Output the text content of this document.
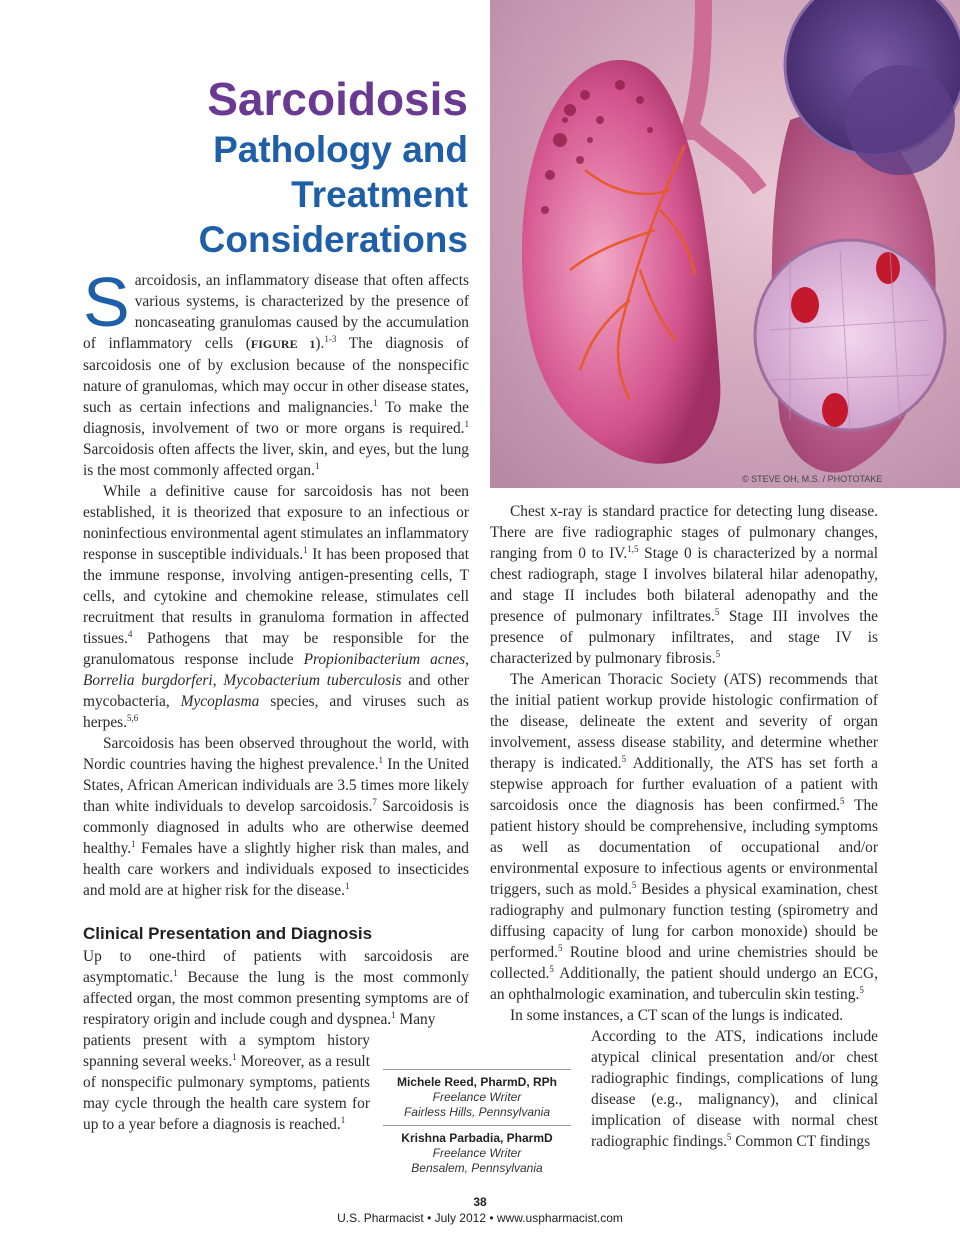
Sarcoidosis
Pathology and
Treatment
Considerations
© STEVE OH, M.S. / PHOTOTAKE

Sarcoidosis, an inflammatory disease that often affects various systems, is characterized by the presence of noncaseating granulomas caused by the accumulation of inflammatory cells (FIGURE 1).$^{1-3}$ The diagnosis of sarcoidosis one of by exclusion because of the nonspecific nature of granulomas, which may occur in other disease states, such as certain infections and malignancies.$^1$ To make the diagnosis, involvement of two or more organs is required.$^1$ Sarcoidosis often affects the liver, skin, and eyes, but the lung is the most commonly affected organ.$^1$

While a definitive cause for sarcoidosis has not been established, it is theorized that exposure to an infectious or noninfectious environmental agent stimulates an inflammatory response in susceptible individuals.$^1$ It has been proposed that the immune response, involving antigen-presenting cells, T cells, and cytokine and chemokine release, stimulates cell recruitment that results in granuloma formation in affected tissues.$^4$ Pathogens that may be responsible for the granulomatous response include Propionibacterium acnes, Borrelia burgdorferi, Mycobacterium tuberculosis and other mycobacteria, Mycoplasma species, and viruses such as herpes.$^{5,6}$

Sarcoidosis has been observed throughout the world, with Nordic countries having the highest prevalence.$^1$ In the United States, African American individuals are 3.5 times more likely than white individuals to develop sarcoidosis.$^7$ Sarcoidosis is commonly diagnosed in adults who are otherwise deemed healthy.$^1$ Females have a slightly higher risk than males, and health care workers and individuals exposed to insecticides and mold are at higher risk for the disease.$^1$

Clinical Presentation and Diagnosis

Up to one-third of patients with sarcoidosis are asymptomatic.$^1$ Because the lung is the most commonly affected organ, the most common presenting symptoms are of respiratory origin and include cough and dyspnea.$^1$ Many

patients present with a symptom history spanning several weeks.$^1$ Moreover, as a result of nonspecific pulmonary symptoms, patients may cycle through the health care system for up to a year before a diagnosis is reached.$^1$

Chest x-ray is standard practice for detecting lung disease. There are five radiographic stages of pulmonary changes, ranging from 0 to IV.$^{1,5}$ Stage 0 is characterized by a normal chest radiograph, stage I involves bilateral hilar adenopathy, and stage II includes both bilateral adenopathy and the presence of pulmonary infiltrates.$^5$ Stage III involves the presence of pulmonary infiltrates, and stage IV is characterized by pulmonary fibrosis.$^5$

The American Thoracic Society (ATS) recommends that the initial patient workup provide histologic confirmation of the disease, delineate the extent and severity of organ involvement, assess disease stability, and determine whether therapy is indicated.$^5$ Additionally, the ATS has set forth a stepwise approach for further evaluation of a patient with sarcoidosis once the diagnosis has been confirmed.$^5$ The patient history should be comprehensive, including symptoms as well as documentation of occupational and/or environmental exposure to infectious agents or environmental triggers, such as mold.$^5$ Besides a physical examination, chest radiography and pulmonary function testing (spirometry and diffusing capacity of lung for carbon monoxide) should be performed.$^5$ Routine blood and urine chemistries should be collected.$^5$ Additionally, the patient should undergo an ECG, an ophthalmologic examination, and tuberculin skin testing.$^5$

In some instances, a CT scan of the lungs is indicated.

According to the ATS, indications include atypical clinical presentation and/or chest radiographic findings, complications of lung disease (e.g., malignancy), and clinical implication of disease with normal chest radiographic findings.$^5$ Common CT findings

Michele Reed, PharmD, RPh
Freelance Writer
Fairless Hills, Pennsylvania
Krishna Parbadia, PharmD
Freelance Writer
Bensalem, Pennsylvania
38
U.S. Pharmacist • July 2012 • www.uspharmacist.com
